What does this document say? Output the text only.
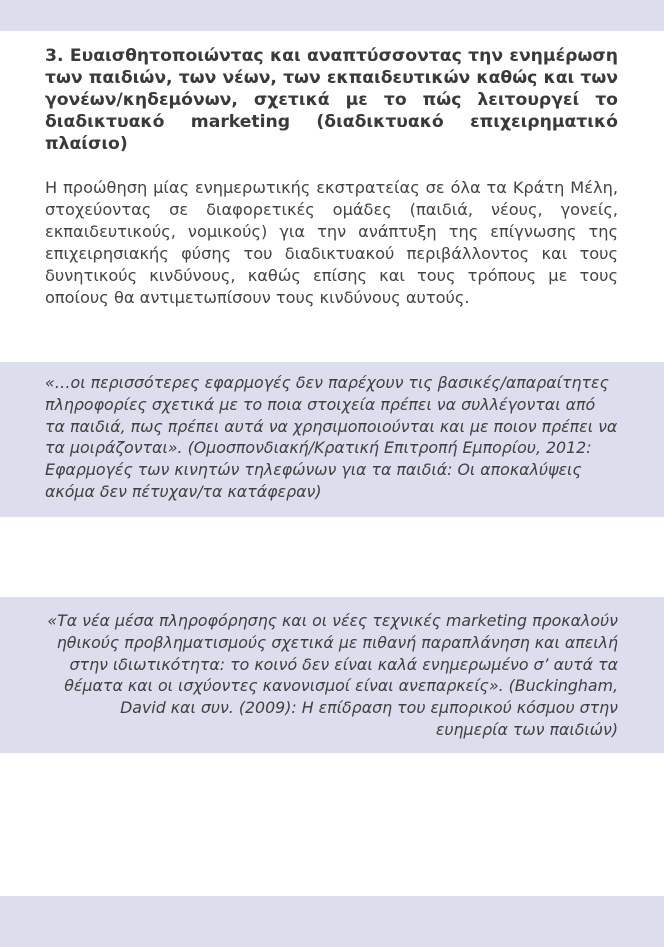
3. Ευαισθητοποιώντας και αναπτύσσοντας την ενημέρωση των παιδιών, των νέων, των εκπαιδευτικών καθώς και των γονέων/κηδεμόνων, σχετικά με το πώς λειτουργεί το διαδικτυακό marketing (διαδικτυακό επιχειρηματικό πλαίσιο)

Η προώθηση μίας ενημερωτικής εκστρατείας σε όλα τα Κράτη Μέλη, στοχεύοντας σε διαφορετικές ομάδες (παιδιά, νέους, γονείς, εκπαιδευτικούς, νομικούς) για την ανάπτυξη της επίγνωσης της επιχειρησιακής φύσης του διαδικτυακού περιβάλλοντος και τους δυνητικούς κινδύνους, καθώς επίσης και τους τρόπους με τους οποίους θα αντιμετωπίσουν τους κινδύνους αυτούς.

«…οι περισσότερες εφαρμογές δεν παρέχουν τις βασικές/απαραίτητες πληροφορίες σχετικά με το ποια στοιχεία πρέπει να συλλέγονται από τα παιδιά, πως πρέπει αυτά να χρησιμοποιούνται και με ποιον πρέπει να τα μοιράζονται». (Ομοσπονδιακή/Κρατική Επιτροπή Εμπορίου, 2012: Εφαρμογές των κινητών τηλεφώνων για τα παιδιά: Οι αποκαλύψεις ακόμα δεν πέτυχαν/τα κατάφεραν)

«Τα νέα μέσα πληροφόρησης και οι νέες τεχνικές marketing προκαλούν ηθικούς προβληματισμούς σχετικά με πιθανή παραπλάνηση και απειλή στην ιδιωτικότητα: το κοινό δεν είναι καλά ενημερωμένο σ’ αυτά τα θέματα και οι ισχύοντες κανονισμοί είναι ανεπαρκείς». (Buckingham, David και συν. (2009): Η επίδραση του εμπορικού κόσμου στην ευημερία των παιδιών)
